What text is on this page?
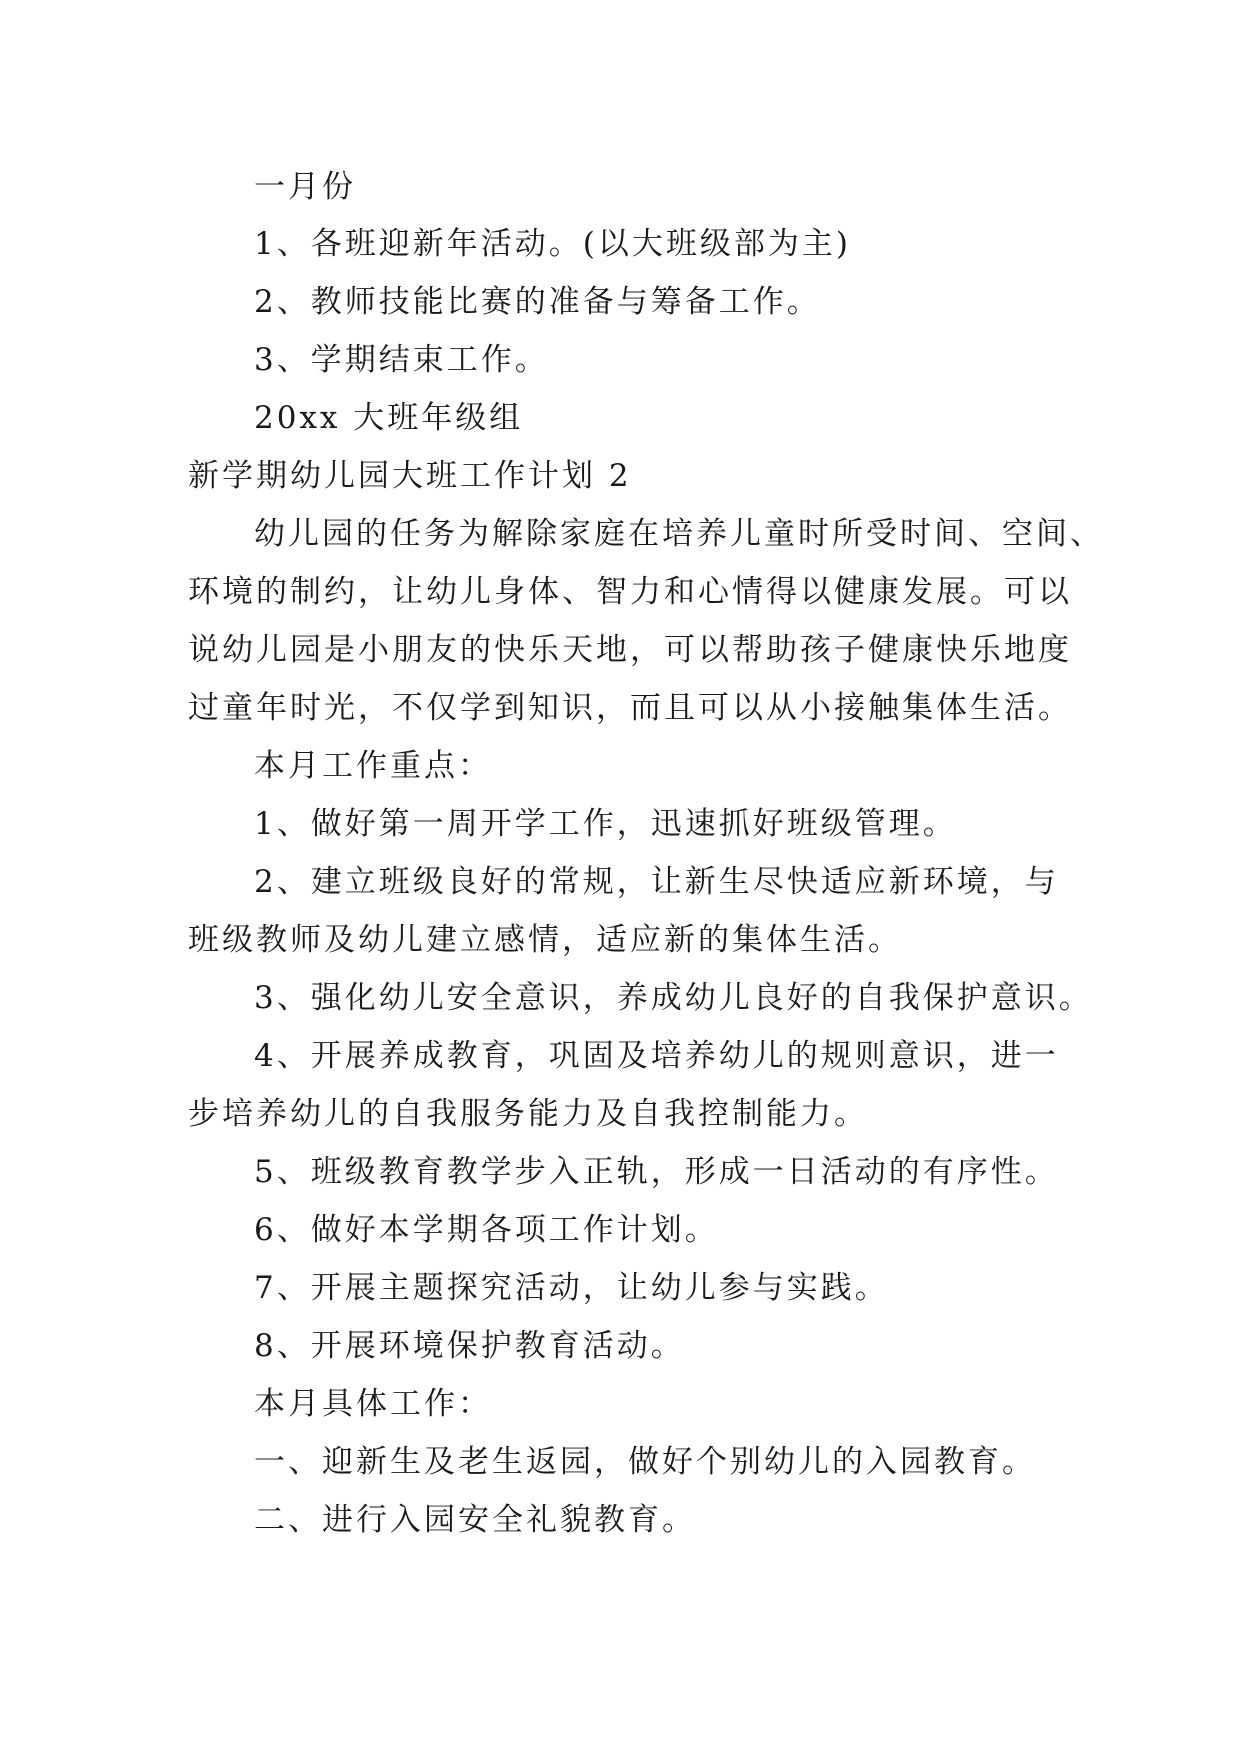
一月份
1、各班迎新年活动。(以大班级部为主)
2、教师技能比赛的准备与筹备工作。
3、学期结束工作。
20xx 大班年级组
新学期幼儿园大班工作计划 2
幼儿园的任务为解除家庭在培养儿童时所受时间、空间、
环境的制约，让幼儿身体、智力和心情得以健康发展。可以
说幼儿园是小朋友的快乐天地，可以帮助孩子健康快乐地度
过童年时光，不仅学到知识，而且可以从小接触集体生活。
本月工作重点：
1、做好第一周开学工作，迅速抓好班级管理。
2、建立班级良好的常规，让新生尽快适应新环境，与
班级教师及幼儿建立感情，适应新的集体生活。
3、强化幼儿安全意识，养成幼儿良好的自我保护意识。
4、开展养成教育，巩固及培养幼儿的规则意识，进一
步培养幼儿的自我服务能力及自我控制能力。
5、班级教育教学步入正轨，形成一日活动的有序性。
6、做好本学期各项工作计划。
7、开展主题探究活动，让幼儿参与实践。
8、开展环境保护教育活动。
本月具体工作：
一、迎新生及老生返园，做好个别幼儿的入园教育。
二、进行入园安全礼貌教育。
